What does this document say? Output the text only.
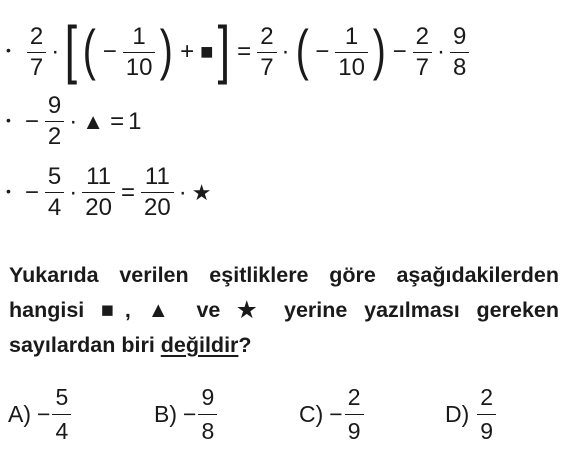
• $\frac{2}{7}$ · [ ( − $\frac{1}{10}$ ) + ■ ] = $\frac{2}{7}$ · ( − $\frac{1}{10}$ ) − $\frac{2}{7} \cdot \frac{9}{8}$
• − $\frac{9}{2}$ · ▲ = 1
• − $\frac{5}{4} \cdot \frac{11}{20} = \frac{11}{20}$ · ★
Yukarıda verilen eşitliklere göre aşağıdakilerden hangisi ■, ▲ ve ★ yerine yazılması gereken sayılardan biri değildir?
$A) - \frac{5}{4}$	$B) - \frac{9}{8}$	$C) - \frac{2}{9}$	$D) \frac{2}{9}$
